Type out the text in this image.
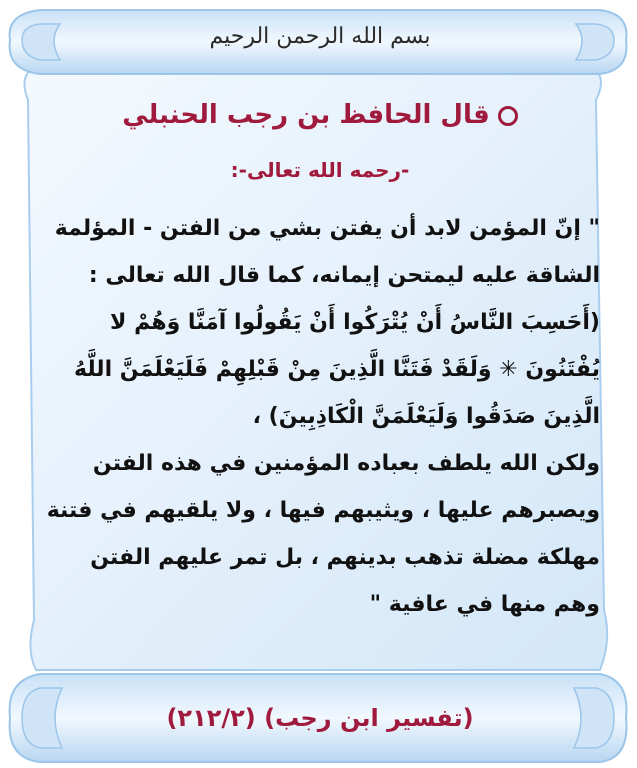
بسم الله الرحمن الرحيم
قال الحافظ بن رجب الحنبلي
-رحمه الله تعالى-:
" إنّ المؤمن لابد أن يفتن بشي من الفتن - المؤلمة
الشاقة عليه ليمتحن إيمانه، كما قال الله تعالى :
(أَحَسِبَ النَّاسُ أَنْ يُتْرَكُوا أَنْ يَقُولُوا آمَنَّا وَهُمْ لا
يُفْتَنُونَ ✳ وَلَقَدْ فَتَنَّا الَّذِينَ مِنْ قَبْلِهِمْ فَلَيَعْلَمَنَّ اللَّهُ
الَّذِينَ صَدَقُوا وَلَيَعْلَمَنَّ الْكَاذِبِينَ) ،
ولكن الله يلطف بعباده المؤمنين في هذه الفتن
ويصبرهم عليها ، ويثيبهم فيها ، ولا يلقيهم في فتنة
مهلكة مضلة تذهب بدينهم ، بل تمر عليهم الفتن
وهم منها في عافية "
(تفسير ابن رجب) (٢١٢/٢)
